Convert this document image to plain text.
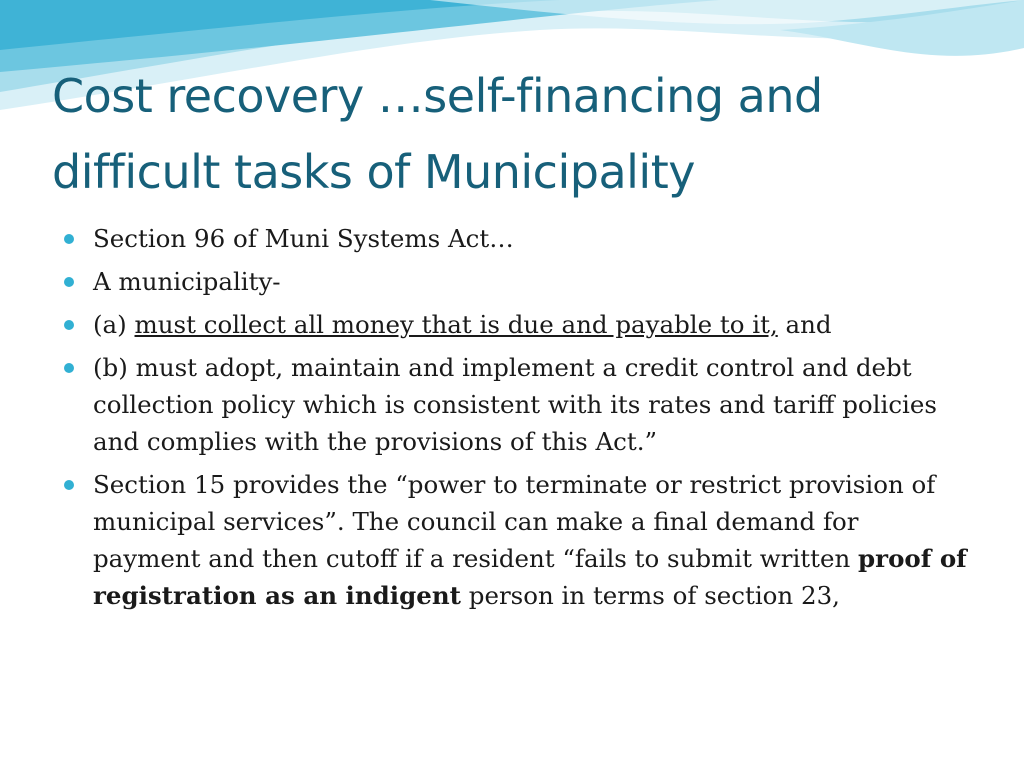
Cost recovery …self-financing and
difficult tasks of Municipality
Section 96 of Muni Systems Act…
A municipality-
(a) must collect all money that is due and payable to it, and
(b) must adopt, maintain and implement a credit control and debt collection policy which is consistent with its rates and tariff policies and complies with the provisions of this Act.”
Section 15 provides the “power to terminate or restrict provision of municipal services”. The council can make a final demand for payment and then cutoff if a resident “fails to submit written proof of registration as an indigent person in terms of section 23,
